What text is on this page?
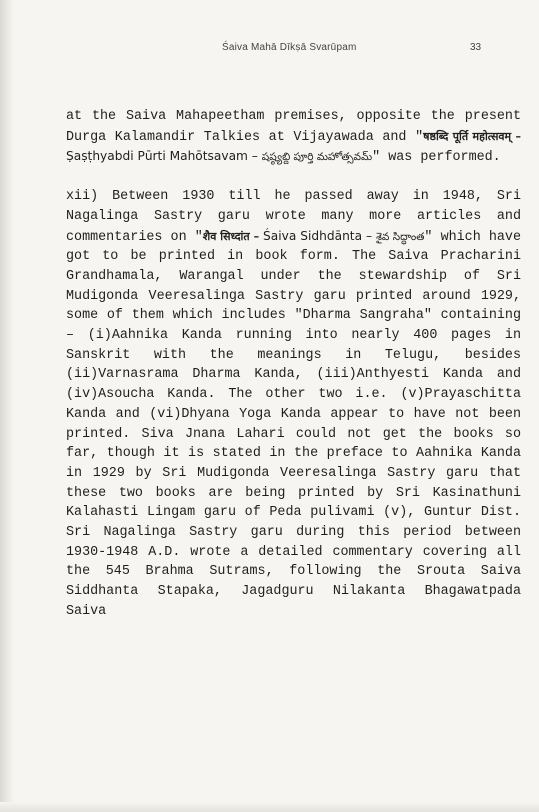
Śaiva Mahā Dīkṣā Svarūpam	33

at the Saiva Mahapeetham premises, opposite the present Durga Kalamandir Talkies at Vijayawada and "षष्ठब्दि पूर्ति महोत्सवम् – Ṣaṣṭhyabdi Pūrti Mahōtsavam – షష్ఠ్యబ్ది పూర్తి మహోత్సవమ్" was performed.

xii) Between 1930 till he passed away in 1948, Sri Nagalinga Sastry garu wrote many more articles and commentaries on "शैव सिध्दांत – Śaiva Sidhdānta – శైవ సిద్ధాంత" which have got to be printed in book form. The Saiva Pracharini Grandhamala, Warangal under the stewardship of Sri Mudigonda Veeresalinga Sastry garu printed around 1929, some of them which includes "Dharma Sangraha" containing – (i)Aahnika Kanda running into nearly 400 pages in Sanskrit with the meanings in Telugu, besides (ii)Varnasrama Dharma Kanda, (iii)Anthyesti Kanda and (iv)Asoucha Kanda. The other two i.e. (v)Prayaschitta Kanda and (vi)Dhyana Yoga Kanda appear to have not been printed. Siva Jnana Lahari could not get the books so far, though it is stated in the preface to Aahnika Kanda in 1929 by Sri Mudigonda Veeresalinga Sastry garu that these two books are being printed by Sri Kasinathuni Kalahasti Lingam garu of Peda pulivami (v), Guntur Dist. Sri Nagalinga Sastry garu during this period between 1930-1948 A.D. wrote a detailed commentary covering all the 545 Brahma Sutrams, following the Srouta Saiva Siddhanta Stapaka, Jagadguru Nilakanta Bhagawatpada Saiva
